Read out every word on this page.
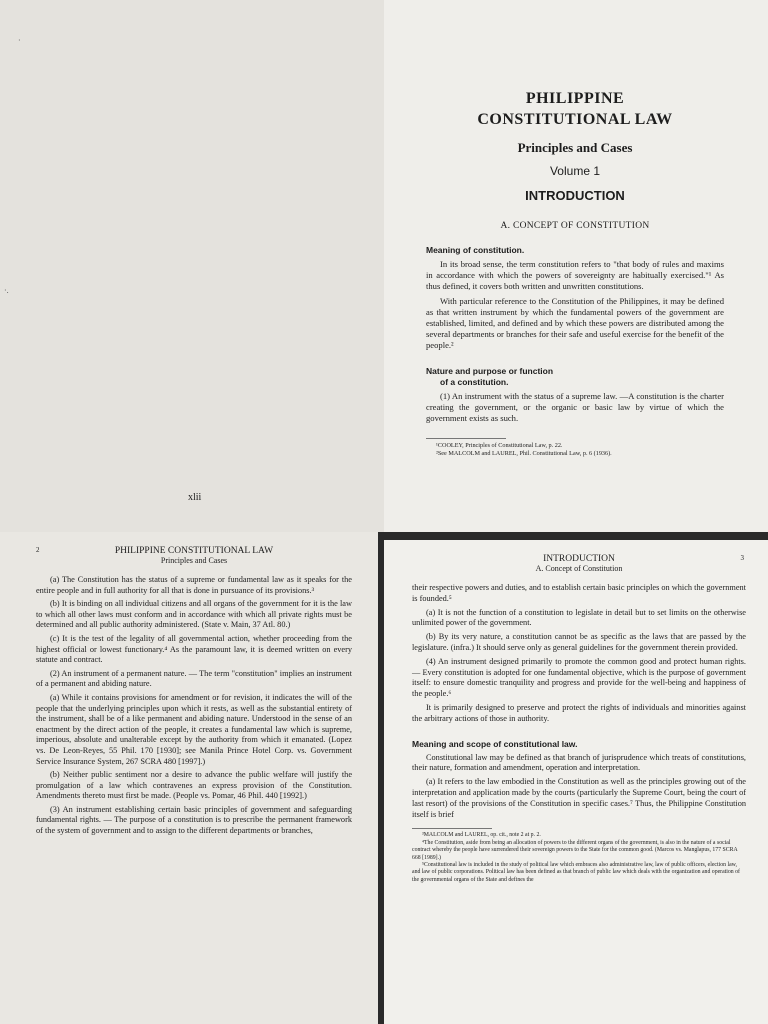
·
·.
xlii

PHILIPPINE

CONSTITUTIONAL LAW

Principles and Cases

Volume 1

INTRODUCTION

A. CONCEPT OF CONSTITUTION

Meaning of constitution.

In its broad sense, the term constitution refers to "that body of rules and maxims in accordance with which the powers of sovereignty are habitually exercised."¹ As thus defined, it covers both written and unwritten constitutions.

With particular reference to the Constitution of the Philippines, it may be defined as that written instrument by which the fundamental powers of the government are established, limited, and defined and by which these powers are distributed among the several departments or branches for their safe and useful exercise for the benefit of the people.²

Nature and purpose or function
of a constitution.

(1) An instrument with the status of a supreme law. —A constitution is the charter creating the government, or the organic or basic law by virtue of which the government exists as such.

¹COOLEY, Principles of Constitutional Law, p. 22.

²See MALCOLM and LAUREL, Phil. Constitutional Law, p. 6 (1936).

2	PHILIPPINE CONSTITUTIONAL LAW

Principles and Cases

(a) The Constitution has the status of a supreme or fundamental law as it speaks for the entire people and in full authority for all that is done in pursuance of its provisions.³

(b) It is binding on all individual citizens and all organs of the government for it is the law to which all other laws must conform and in accordance with which all private rights must be determined and all public authority administered. (State v. Main, 37 Atl. 80.)

(c) It is the test of the legality of all governmental action, whether proceeding from the highest official or lowest functionary.⁴ As the paramount law, it is deemed written on every statute and contract.

(2) An instrument of a permanent nature. — The term "constitution" implies an instrument of a permanent and abiding nature.

(a) While it contains provisions for amendment or for revision, it indicates the will of the people that the underlying principles upon which it rests, as well as the substantial entirety of the instrument, shall be of a like permanent and abiding nature. Understood in the sense of an enactment by the direct action of the people, it creates a fundamental law which is supreme, imperious, absolute and unalterable except by the authority from which it emanated. (Lopez vs. De Leon-Reyes, 55 Phil. 170 [1930]; see Manila Prince Hotel Corp. vs. Government Service Insurance System, 267 SCRA 480 [1997].)

(b) Neither public sentiment nor a desire to advance the public welfare will justify the promulgation of a law which contravenes an express provision of the Constitution. Amendments thereto must first be made. (People vs. Pomar, 46 Phil. 440 [1992].)

(3) An instrument establishing certain basic principles of government and safeguarding fundamental rights. — The purpose of a constitution is to prescribe the permanent framework of the system of government and to assign to the different departments or branches,

3

INTRODUCTION

A. Concept of Constitution

their respective powers and duties, and to establish certain basic principles on which the government is founded.⁵

(a) It is not the function of a constitution to legislate in detail but to set limits on the otherwise unlimited power of the government.

(b) By its very nature, a constitution cannot be as specific as the laws that are passed by the legislature. (infra.) It should serve only as general guidelines for the government therein provided.

(4) An instrument designed primarily to promote the common good and protect human rights. — Every constitution is adopted for one fundamental objective, which is the purpose of government itself: to ensure domestic tranquility and progress and provide for the well-being and happiness of the people.⁶

It is primarily designed to preserve and protect the rights of individuals and minorities against the arbitrary actions of those in authority.

Meaning and scope of constitutional law.

Constitutional law may be defined as that branch of jurisprudence which treats of constitutions, their nature, formation and amendment, operation and interpretation.

(a) It refers to the law embodied in the Constitution as well as the principles growing out of the interpretation and application made by the courts (particularly the Supreme Court, being the court of last resort) of the provisions of the Constitution in specific cases.⁷ Thus, the Philippine Constitution itself is brief

³MALCOLM and LAUREL, op. cit., note 2 at p. 2.

⁴The Constitution, aside from being an allocation of powers to the different organs of the government, is also in the nature of a social contract whereby the people have surrendered their sovereign powers to the State for the common good. (Marcos vs. Manglapus, 177 SCRA 668 [1989].)

⁵Constitutional law is included in the study of political law which embraces also administrative law, law of public officers, election law, and law of public corporations. Political law has been defined as that branch of public law which deals with the organization and operation of the governmental organs of the State and defines the
